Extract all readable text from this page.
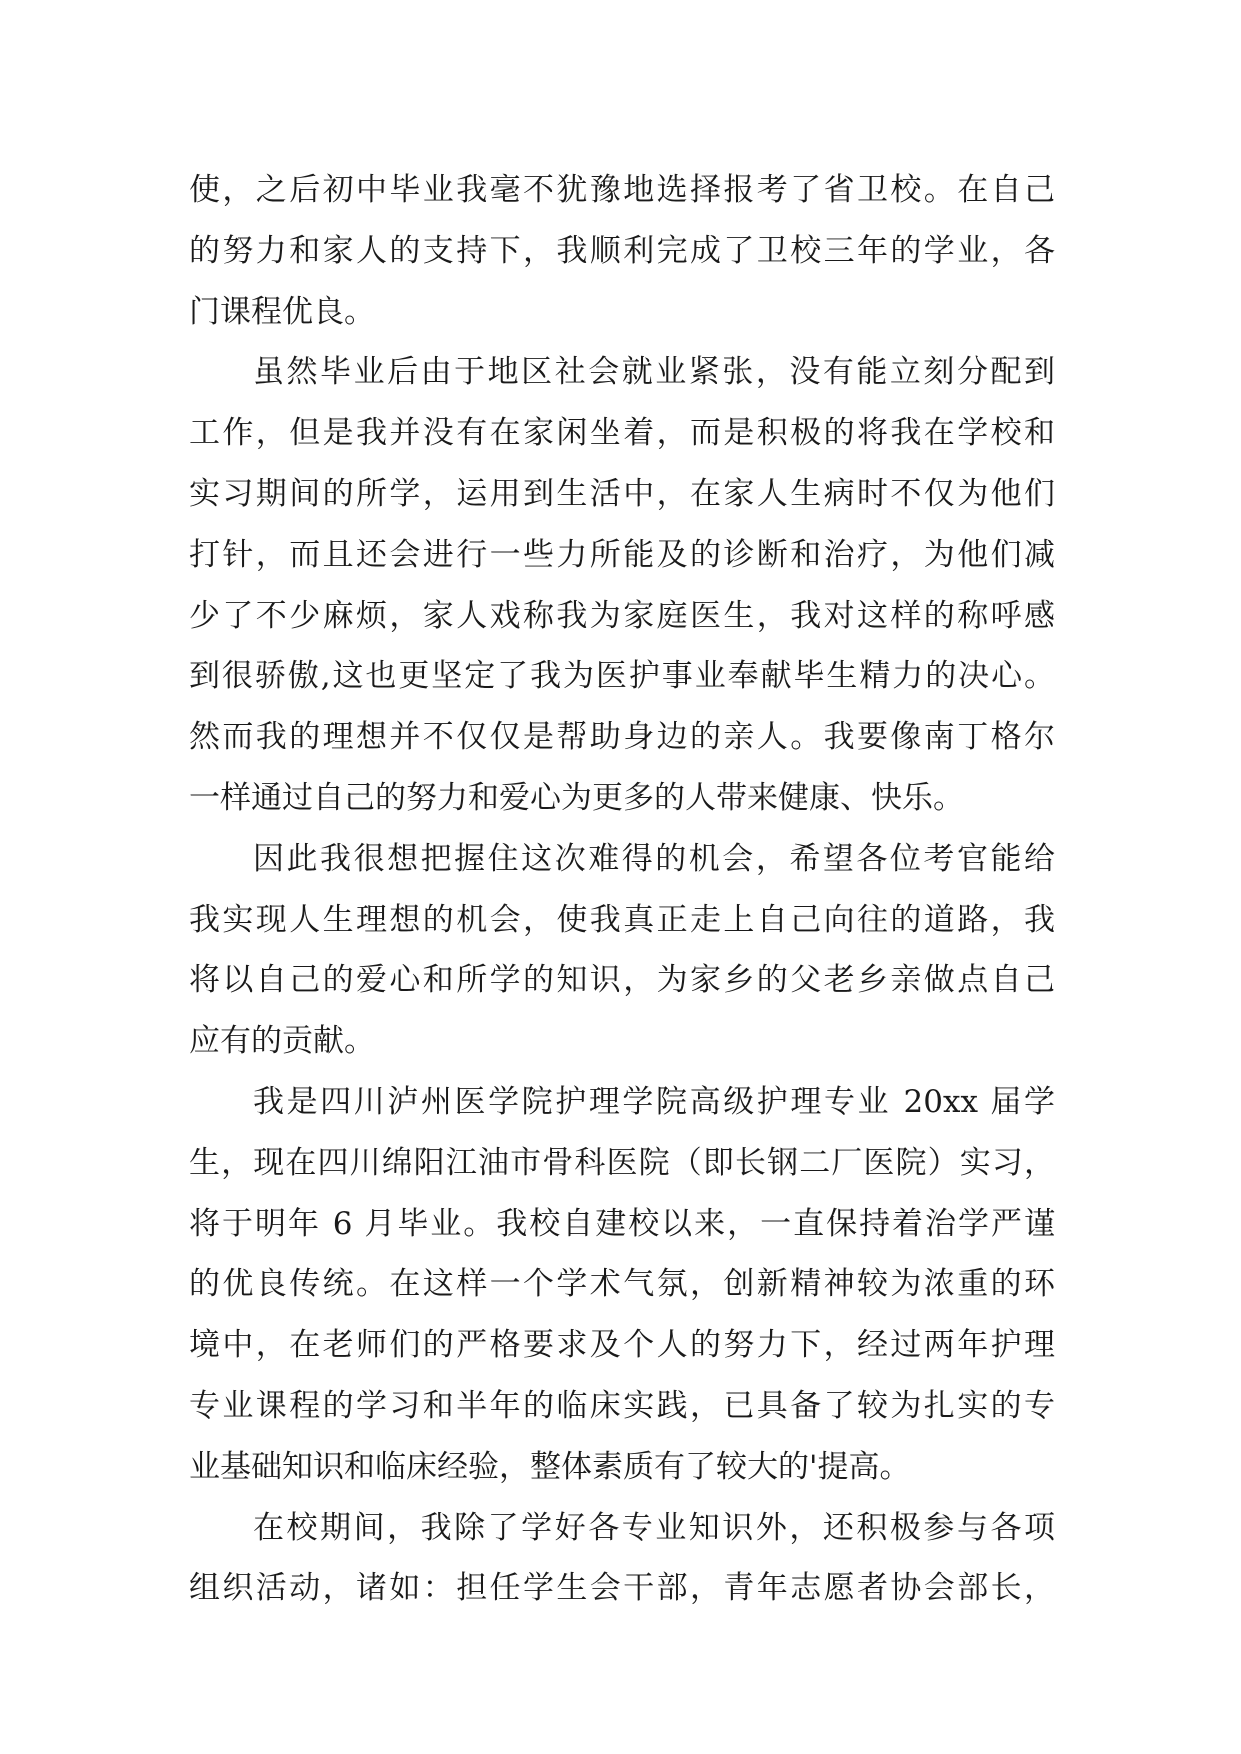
使，之后初中毕业我毫不犹豫地选择报考了省卫校。在自己
的努力和家人的支持下，我顺利完成了卫校三年的学业，各
门课程优良。
虽然毕业后由于地区社会就业紧张，没有能立刻分配到
工作，但是我并没有在家闲坐着，而是积极的将我在学校和
实习期间的所学，运用到生活中，在家人生病时不仅为他们
打针，而且还会进行一些力所能及的诊断和治疗，为他们减
少了不少麻烦，家人戏称我为家庭医生，我对这样的称呼感
到很骄傲,这也更坚定了我为医护事业奉献毕生精力的决心。
然而我的理想并不仅仅是帮助身边的亲人。我要像南丁格尔
一样通过自己的努力和爱心为更多的人带来健康、快乐。
因此我很想把握住这次难得的机会，希望各位考官能给
我实现人生理想的机会，使我真正走上自己向往的道路，我
将以自己的爱心和所学的知识，为家乡的父老乡亲做点自己
应有的贡献。
我是四川泸州医学院护理学院高级护理专业 20xx 届学
生，现在四川绵阳江油市骨科医院（即长钢二厂医院）实习，
将于明年 6 月毕业。我校自建校以来，一直保持着治学严谨
的优良传统。在这样一个学术气氛，创新精神较为浓重的环
境中，在老师们的严格要求及个人的努力下，经过两年护理
专业课程的学习和半年的临床实践，已具备了较为扎实的专
业基础知识和临床经验，整体素质有了较大的'提高。
在校期间，我除了学好各专业知识外，还积极参与各项
组织活动，诸如：担任学生会干部，青年志愿者协会部长，
